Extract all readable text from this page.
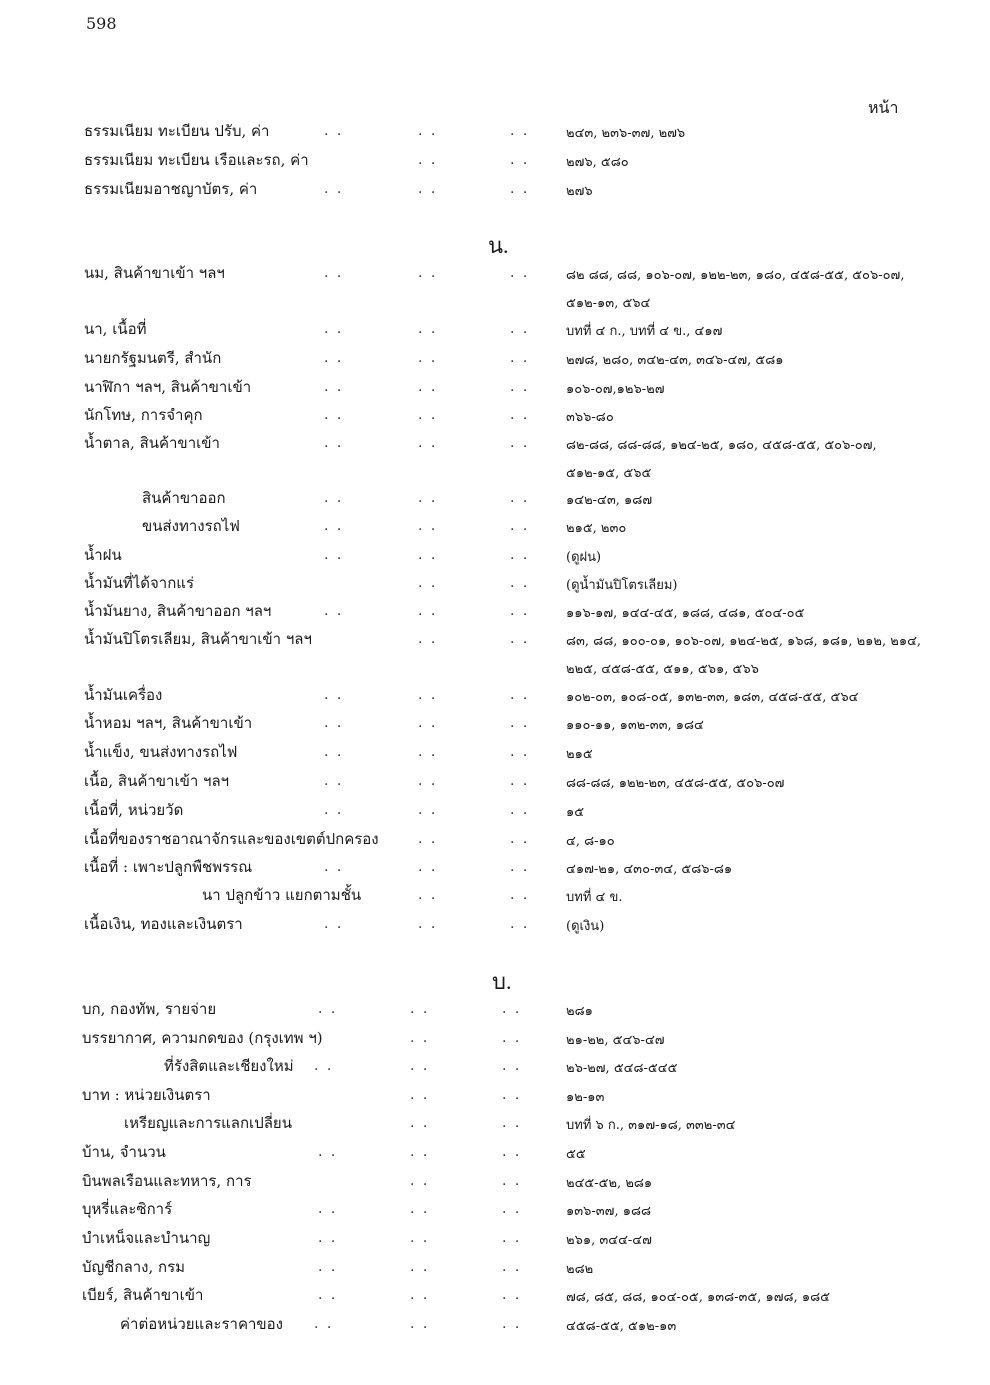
598
หน้า
ธรรมเนียม ทะเบียน ปรับ, ค่า	. .	. .	. .	๒๔๓, ๒๓๖-๓๗, ๒๗๖
ธรรมเนียม ทะเบียน เรือและรถ, ค่า	. .	. .	๒๗๖, ๕๘๐
ธรรมเนียมอาชญาบัตร, ค่า	. .	. .	. .	๒๗๖
น.
นม, สินค้าขาเข้า ฯลฯ	. .	. .	. .	๘๒ ๘๘, ๘๘, ๑๐๖-๐๗, ๑๒๒-๒๓, ๑๘๐, ๔๕๘-๕๕, ๕๐๖-๐๗, ๕๑๒-๑๓, ๕๖๔
นา, เนื้อที่	. .	. .	. .	บทที่ ๔ ก., บทที่ ๔ ข., ๔๑๗
นายกรัฐมนตรี, สำนัก	. .	. .	. .	๒๗๘, ๒๘๐, ๓๔๒-๔๓, ๓๔๖-๔๗, ๕๘๑
นาฬิกา ฯลฯ, สินค้าขาเข้า	. .	. .	. .	๑๐๖-๐๗,๑๒๖-๒๗
นักโทษ, การจำคุก	. .	. .	. .	๓๖๖-๘๐
น้ำตาล, สินค้าขาเข้า	. .	. .	. .	๘๒-๘๘, ๘๘-๘๘, ๑๒๔-๒๕, ๑๘๐, ๔๕๘-๕๕, ๕๐๖-๐๗, ๕๑๒-๑๕, ๕๖๕
สินค้าขาออก	. .	. .	. .	๑๔๒-๔๓, ๑๘๗
ขนส่งทางรถไฟ	. .	. .	. .	๒๑๕, ๒๓๐
น้ำฝน	. .	. .	. .	(ดูฝน)
น้ำมันที่ได้จากแร่	. .	. .	(ดูน้ำมันปิโตรเลียม)
น้ำมันยาง, สินค้าขาออก ฯลฯ	. .	. .	. .	๑๑๖-๑๗, ๑๔๔-๔๕, ๑๘๘, ๔๘๑, ๕๐๔-๐๕
น้ำมันปิโตรเลียม, สินค้าขาเข้า ฯลฯ	. .	. .	๘๓, ๘๘, ๑๐๐-๐๑, ๑๐๖-๐๗, ๑๒๔-๒๕, ๑๖๘, ๑๘๑, ๒๑๒, ๒๑๔, ๒๒๕, ๔๕๘-๕๕, ๕๑๑, ๕๖๑, ๕๖๖
น้ำมันเครื่อง	. .	. .	. .	๑๐๒-๐๓, ๑๐๘-๐๕, ๑๓๒-๓๓, ๑๘๓, ๔๕๘-๕๕, ๕๖๔
น้ำหอม ฯลฯ, สินค้าขาเข้า	. .	. .	. .	๑๑๐-๑๑, ๑๓๒-๓๓, ๑๘๔
น้ำแข็ง, ขนส่งทางรถไฟ	. .	. .	. .	๒๑๕
เนื้อ, สินค้าขาเข้า ฯลฯ	. .	. .	. .	๘๘-๘๘, ๑๒๒-๒๓, ๔๕๘-๕๕, ๕๐๖-๐๗
เนื้อที่, หน่วยวัด	. .	. .	. .	๑๕
เนื้อที่ของราชอาณาจักรและของเขตต์ปกครอง	. .	. .	๔, ๘-๑๐
เนื้อที่ : เพาะปลูกพืชพรรณ	. .	. .	. .	๔๑๗-๒๑, ๔๓๐-๓๔, ๕๘๖-๘๑
นา ปลูกข้าว แยกตามชั้น	. .	. .	บทที่ ๔ ข.
เนื้อเงิน, ทองและเงินตรา	. .	. .	. .	(ดูเงิน)
บ.
บก, กองทัพ, รายจ่าย	. .	. .	. .	๒๘๑
บรรยากาศ, ความกดของ (กรุงเทพ ฯ)	. .	. .	๒๑-๒๒, ๕๔๖-๔๗
ที่รังสิตและเชียงใหม่ . .	. .	. .	๒๖-๒๗, ๕๔๘-๕๔๕
บาท : หน่วยเงินตรา	. .	. .	๑๒-๑๓
เหรียญและการแลกเปลี่ยน	. .	. .	บทที่ ๖ ก., ๓๑๗-๑๘, ๓๓๒-๓๔
บ้าน, จำนวน	. .	. .	. .	๕๕
บินพลเรือนและทหาร, การ	. .	. .	๒๔๕-๕๒, ๒๘๑
บุหรี่และซิการ์	. .	. .	. .	๑๓๖-๓๗, ๑๘๘
บำเหน็จและบำนาญ	. .	. .	. .	๒๖๑, ๓๔๔-๔๗
บัญชีกลาง, กรม	. .	. .	. .	๒๘๒
เบียร์, สินค้าขาเข้า	. .	. .	. .	๗๘, ๘๕, ๘๘, ๑๐๔-๐๕, ๑๓๘-๓๕, ๑๗๘, ๑๘๕
ค่าต่อหน่วยและราคาของ . .	. .	. .	๔๕๘-๕๕, ๕๑๒-๑๓
